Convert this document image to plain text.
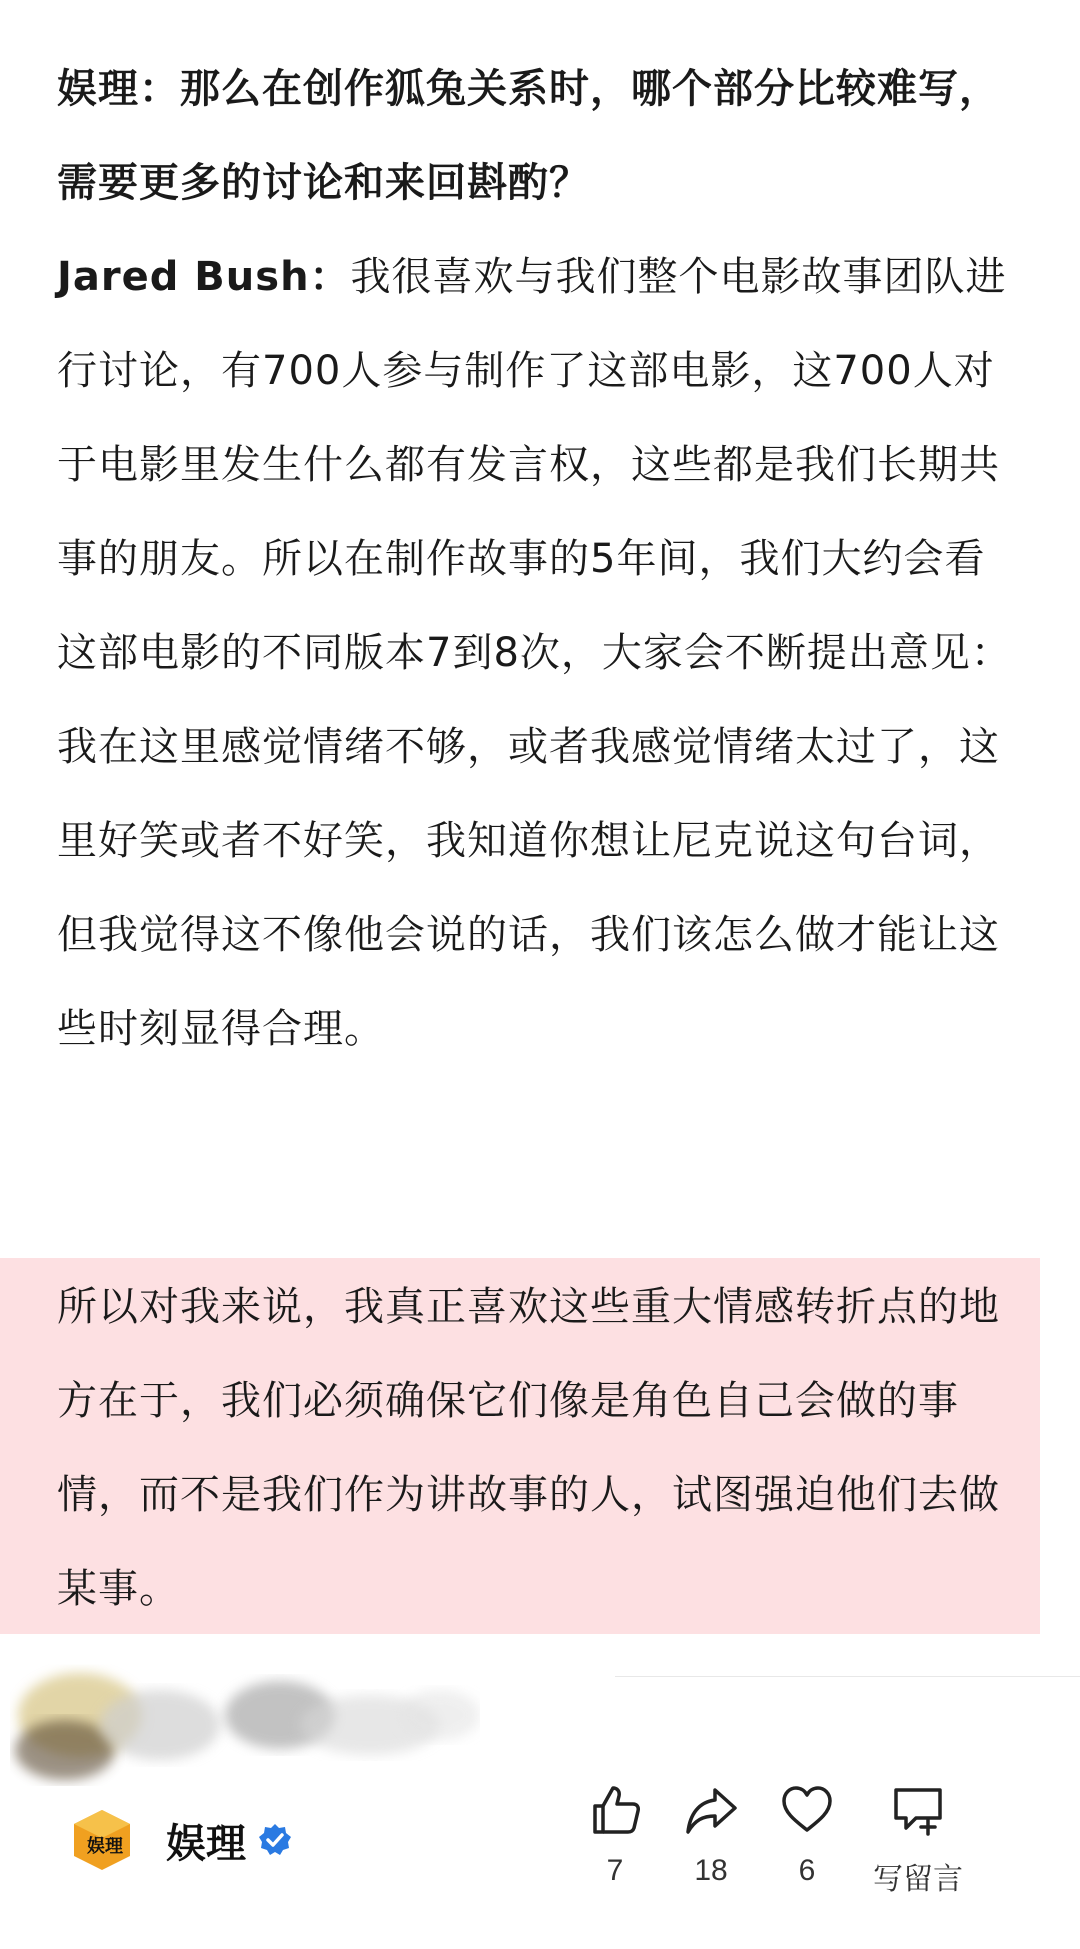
娱理：那么在创作狐兔关系时，哪个部分比较难写，需要更多的讨论和来回斟酌？

Jared Bush：我很喜欢与我们整个电影故事团队进行讨论，有700人参与制作了这部电影，这700人对于电影里发生什么都有发言权，这些都是我们长期共事的朋友。所以在制作故事的5年间，我们大约会看这部电影的不同版本7到8次，大家会不断提出意见：我在这里感觉情绪不够，或者我感觉情绪太过了，这里好笑或者不好笑，我知道你想让尼克说这句台词，但我觉得这不像他会说的话，我们该怎么做才能让这些时刻显得合理。

所以对我来说，我真正喜欢这些重大情感转折点的地方在于，我们必须确保它们像是角色自己会做的事情，而不是我们作为讲故事的人，试图强迫他们去做某事。

娱理 娱理
7	18	6	写留言
